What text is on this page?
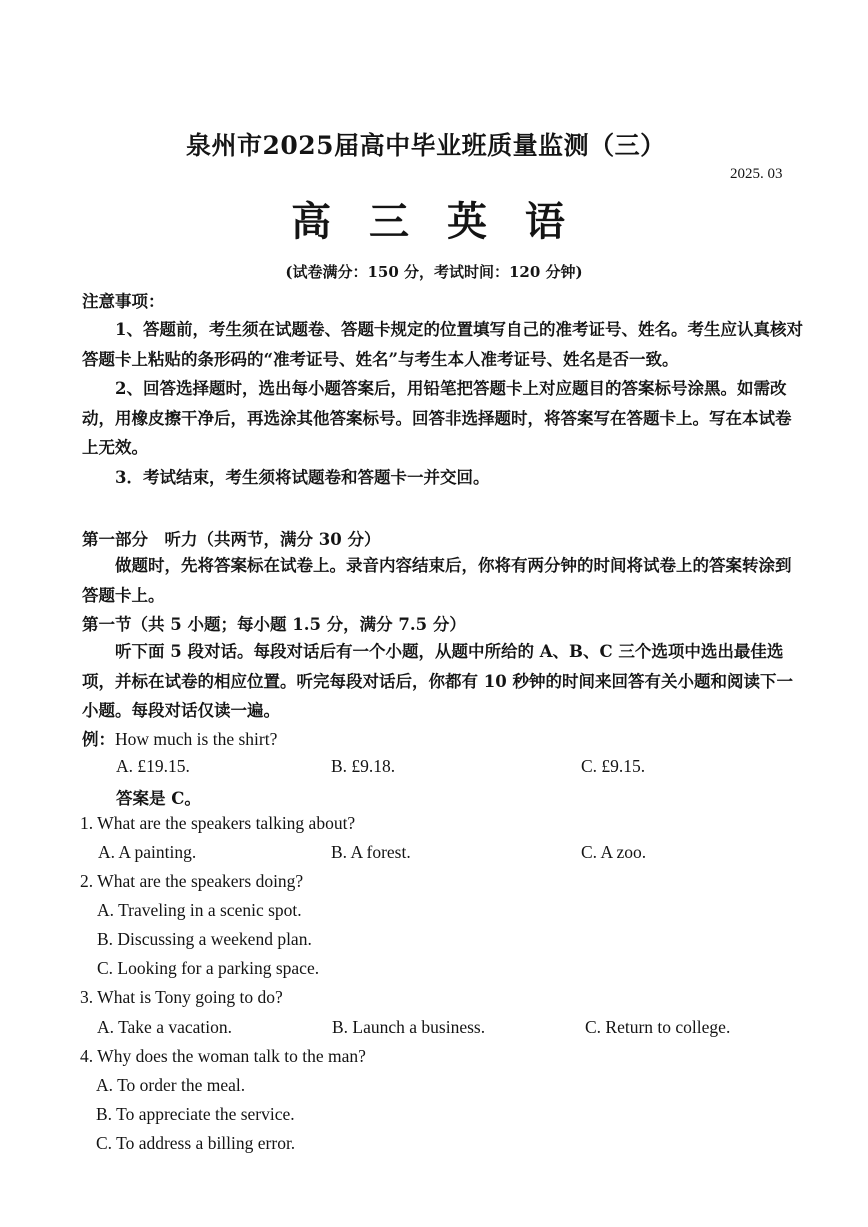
泉州市2025届高中毕业班质量监测（三）
2025. 03
高 三 英 语
(试卷满分：150 分，考试时间：120 分钟)
注意事项：
1、答题前，考生须在试题卷、答题卡规定的位置填写自己的准考证号、姓名。考生应认真核对答题卡上粘贴的条形码的“准考证号、姓名”与考生本人准考证号、姓名是否一致。
2、回答选择题时，选出每小题答案后，用铅笔把答题卡上对应题目的答案标号涂黑。如需改动，用橡皮擦干净后，再选涂其他答案标号。回答非选择题时，将答案写在答题卡上。写在本试卷上无效。
3．考试结束，考生须将试题卷和答题卡一并交回。
第一部分　听力（共两节，满分 30 分）
做题时，先将答案标在试卷上。录音内容结束后，你将有两分钟的时间将试卷上的答案转涂到答题卡上。
第一节（共 5 小题；每小题 1.5 分，满分 7.5 分）
听下面 5 段对话。每段对话后有一个小题，从题中所给的 A、B、C 三个选项中选出最佳选项，并标在试卷的相应位置。听完每段对话后，你都有 10 秒钟的时间来回答有关小题和阅读下一小题。每段对话仅读一遍。
例：How much is the shirt?
A. £19.15.	B. £9.18.	C. £9.15.
答案是 C。
1. What are the speakers talking about?
A. A painting.	B. A forest.	C. A zoo.
2. What are the speakers doing?
A. Traveling in a scenic spot.
B. Discussing a weekend plan.
C. Looking for a parking space.
3. What is Tony going to do?
A. Take a vacation.	B. Launch a business.	C. Return to college.
4. Why does the woman talk to the man?
A. To order the meal.
B. To appreciate the service.
C. To address a billing error.
